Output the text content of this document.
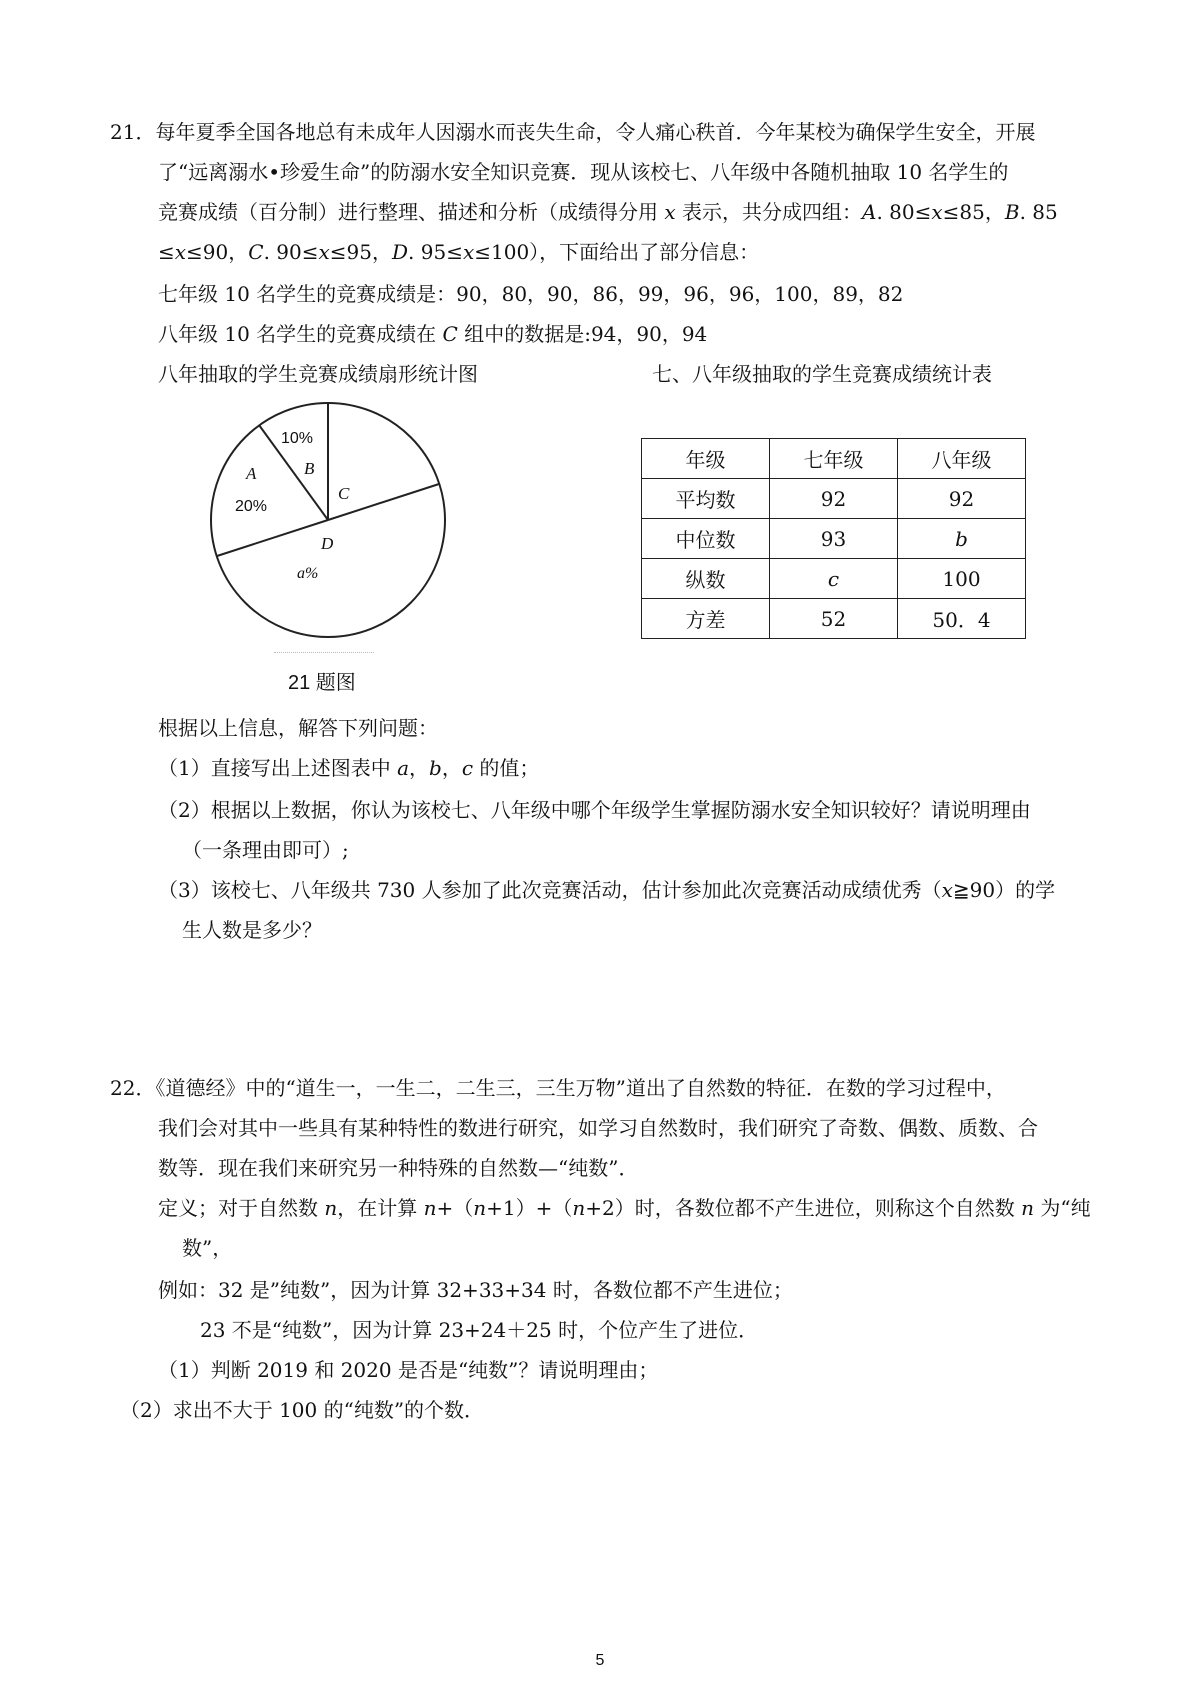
21．每年夏季全国各地总有未成年人因溺水而丧失生命，令人痛心秩首．今年某校为确保学生安全，开展
了“远离溺水•珍爱生命”的防溺水安全知识竞赛．现从该校七、八年级中各随机抽取 10 名学生的
竞赛成绩（百分制）进行整理、描述和分析（成绩得分用 x 表示，共分成四组：A. 80≤x≤85，B. 85
≤x≤90，C. 90≤x≤95，D. 95≤x≤100），下面给出了部分信息：
七年级 10 名学生的竞赛成绩是：90，80，90，86，99，96，96，100，89，82
八年级 10 名学生的竞赛成绩在 C 组中的数据是:94，90，94
八年抽取的学生竞赛成绩扇形统计图	七、八年级抽取的学生竞赛成绩统计表
10%
B
A
20%
C
D
a%
21 题图
年级	七年级	八年级
平均数	92	92
中位数	93	b
纵数	c	100
方差	52	50．4
根据以上信息，解答下列问题：
（1）直接写出上述图表中 a，b，c 的值；
（2）根据以上数据，你认为该校七、八年级中哪个年级学生掌握防溺水安全知识较好？请说明理由
（一条理由即可）;
（3）该校七、八年级共 730 人参加了此次竞赛活动，估计参加此次竞赛活动成绩优秀（x≧90）的学
生人数是多少？
22．《道德经》中的“道生一，一生二，二生三，三生万物”道出了自然数的特征．在数的学习过程中，
我们会对其中一些具有某种特性的数进行研究，如学习自然数时，我们研究了奇数、偶数、质数、合
数等．现在我们来研究另一种特殊的自然数—“纯数”．
定义；对于自然数 n，在计算 n+（n+1）+（n+2）时，各数位都不产生进位，则称这个自然数 n 为“纯
数”，
例如：32 是”纯数”，因为计算 32+33+34 时，各数位都不产生进位；
23 不是“纯数”，因为计算 23+24＋25 时，个位产生了进位．
（1）判断 2019 和 2020 是否是“纯数”？请说明理由；
（2）求出不大于 100 的“纯数”的个数．
5
